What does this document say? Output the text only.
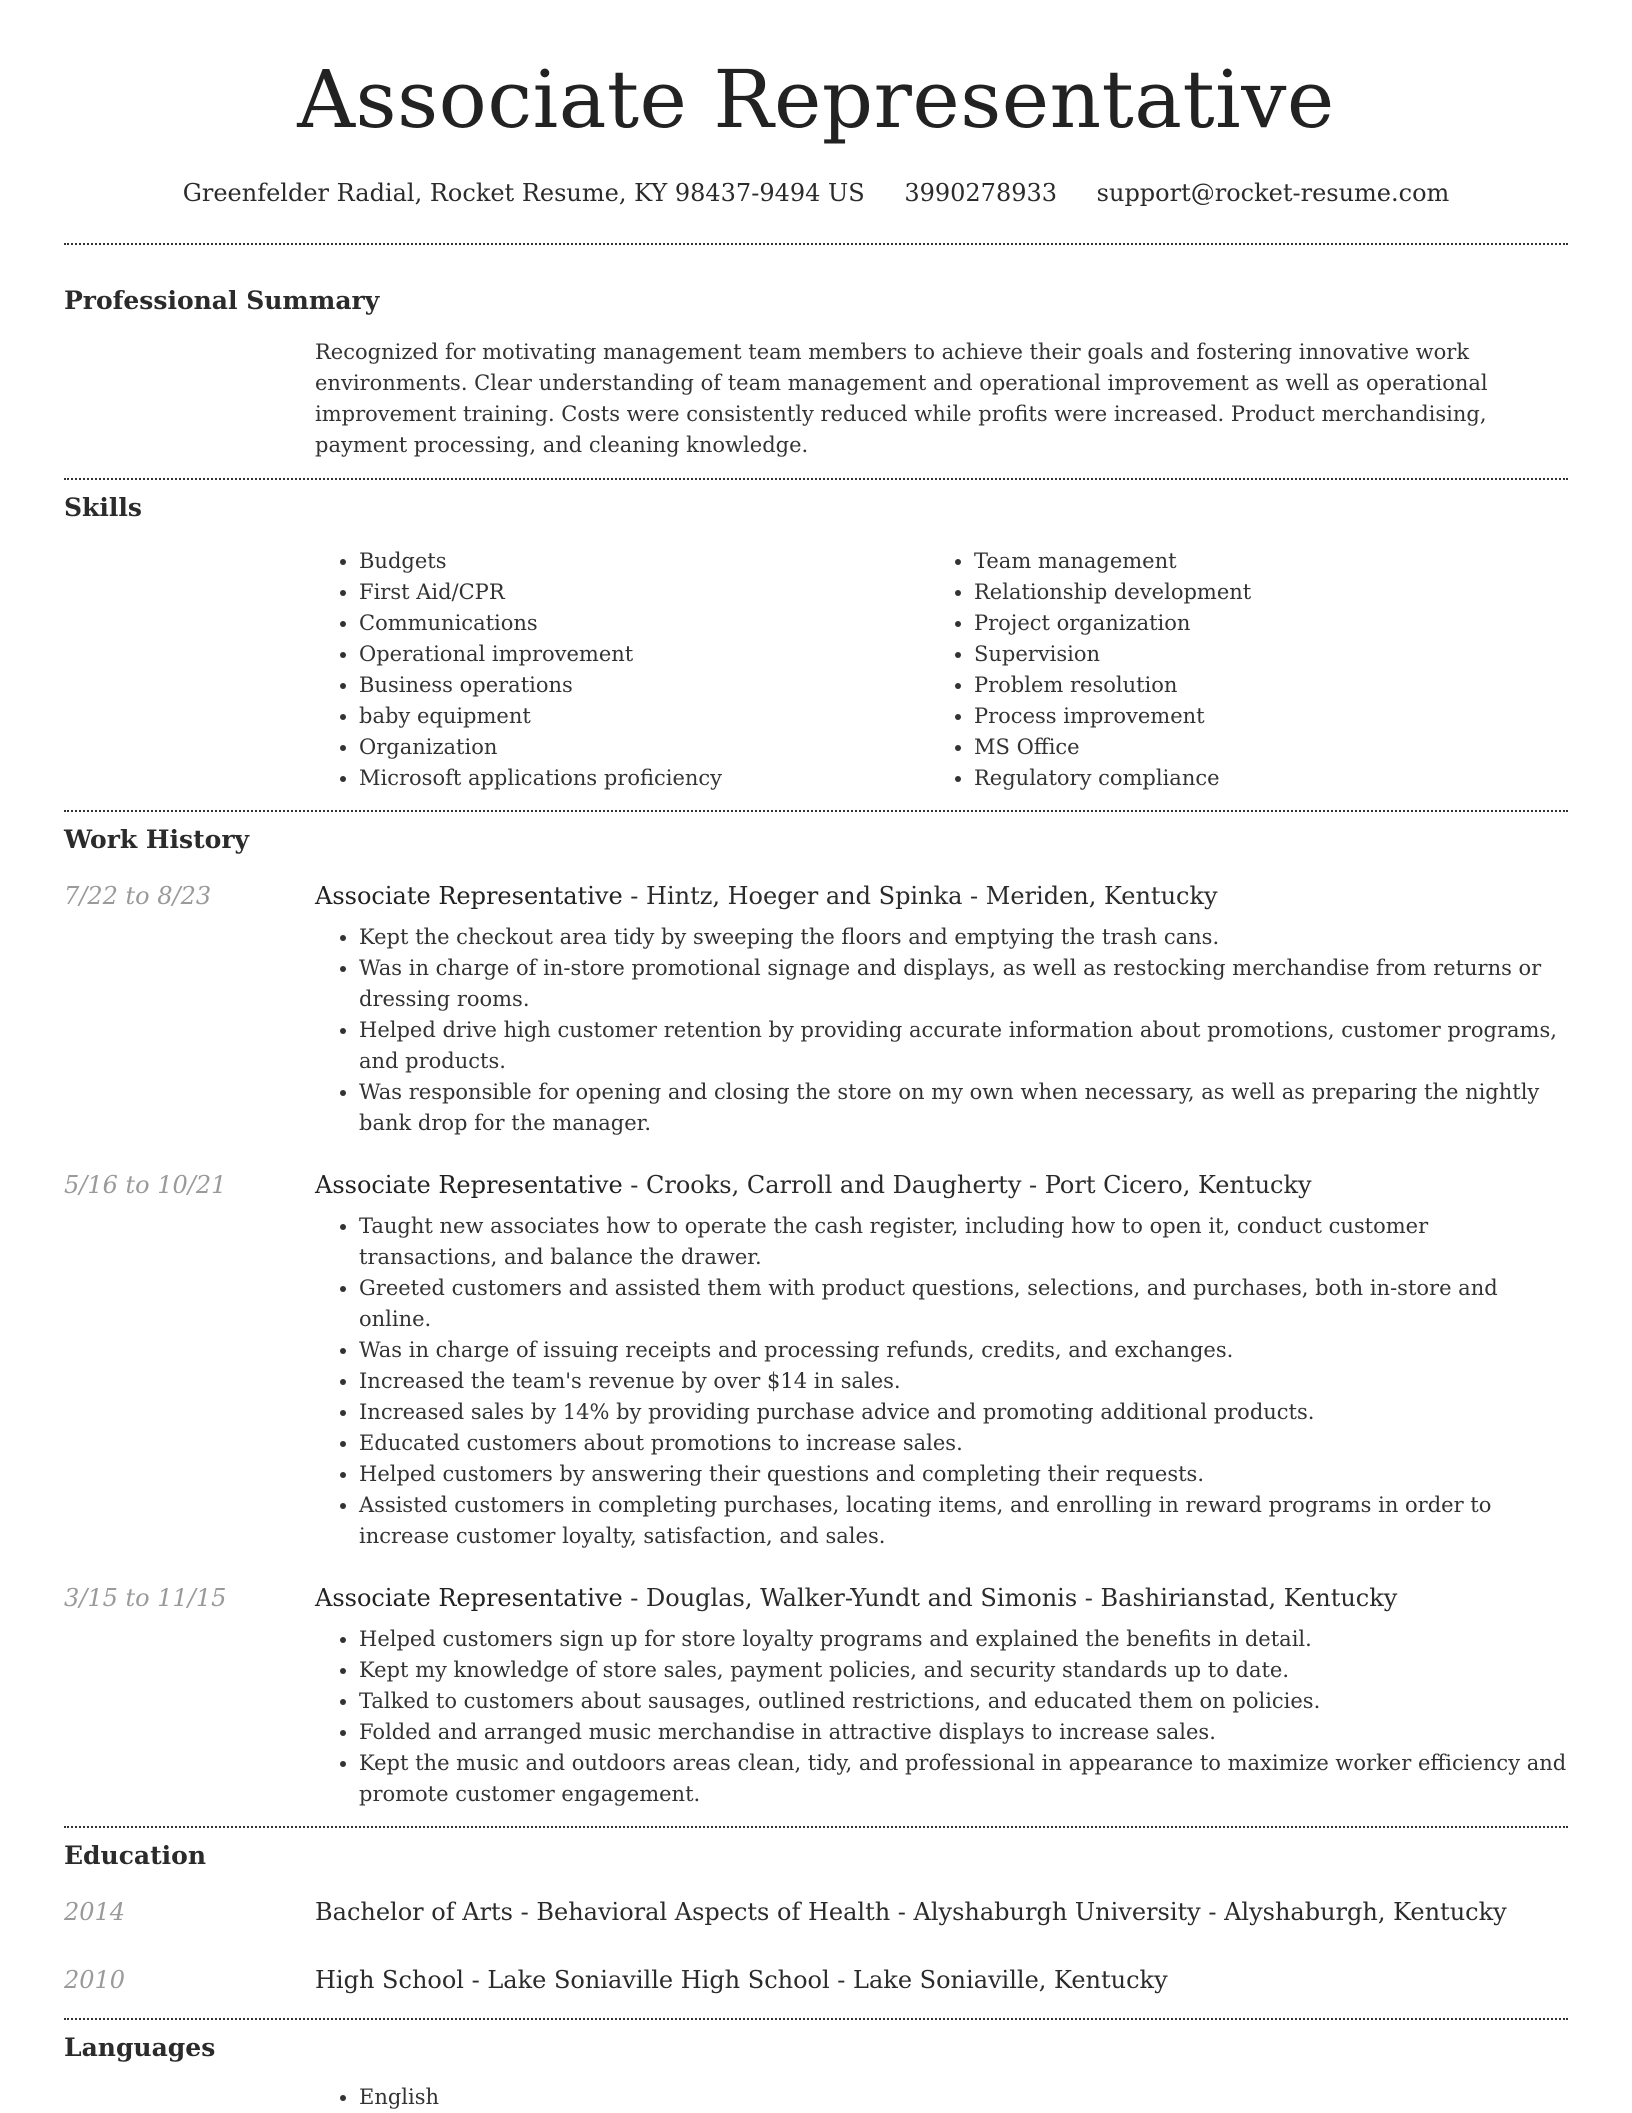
Associate Representative
Greenfelder Radial, Rocket Resume, KY 98437-9494 US 3990278933 support@rocket-resume.com
Professional Summary
Recognized for motivating management team members to achieve their goals and fostering innovative work environments. Clear understanding of team management and operational improvement as well as operational improvement training. Costs were consistently reduced while profits were increased. Product merchandising, payment processing, and cleaning knowledge.
Skills
• Budgets
• First Aid/CPR
• Communications
• Operational improvement
• Business operations
• baby equipment
• Organization
• Microsoft applications proficiency
• Team management
• Relationship development
• Project organization
• Supervision
• Problem resolution
• Process improvement
• MS Office
• Regulatory compliance
Work History
7/22 to 8/23	Associate Representative - Hintz, Hoeger and Spinka - Meriden, Kentucky
• Kept the checkout area tidy by sweeping the floors and emptying the trash cans.
• Was in charge of in-store promotional signage and displays, as well as restocking merchandise from returns or dressing rooms.
• Helped drive high customer retention by providing accurate information about promotions, customer programs, and products.
• Was responsible for opening and closing the store on my own when necessary, as well as preparing the nightly bank drop for the manager.
5/16 to 10/21	Associate Representative - Crooks, Carroll and Daugherty - Port Cicero, Kentucky
• Taught new associates how to operate the cash register, including how to open it, conduct customer transactions, and balance the drawer.
• Greeted customers and assisted them with product questions, selections, and purchases, both in-store and online.
• Was in charge of issuing receipts and processing refunds, credits, and exchanges.
• Increased the team's revenue by over $14 in sales.
• Increased sales by 14% by providing purchase advice and promoting additional products.
• Educated customers about promotions to increase sales.
• Helped customers by answering their questions and completing their requests.
• Assisted customers in completing purchases, locating items, and enrolling in reward programs in order to increase customer loyalty, satisfaction, and sales.
3/15 to 11/15	Associate Representative - Douglas, Walker-Yundt and Simonis - Bashirianstad, Kentucky
• Helped customers sign up for store loyalty programs and explained the benefits in detail.
• Kept my knowledge of store sales, payment policies, and security standards up to date.
• Talked to customers about sausages, outlined restrictions, and educated them on policies.
• Folded and arranged music merchandise in attractive displays to increase sales.
• Kept the music and outdoors areas clean, tidy, and professional in appearance to maximize worker efficiency and promote customer engagement.
Education
2014	Bachelor of Arts - Behavioral Aspects of Health - Alyshaburgh University - Alyshaburgh, Kentucky
2010	High School - Lake Soniaville High School - Lake Soniaville, Kentucky
Languages
• English
